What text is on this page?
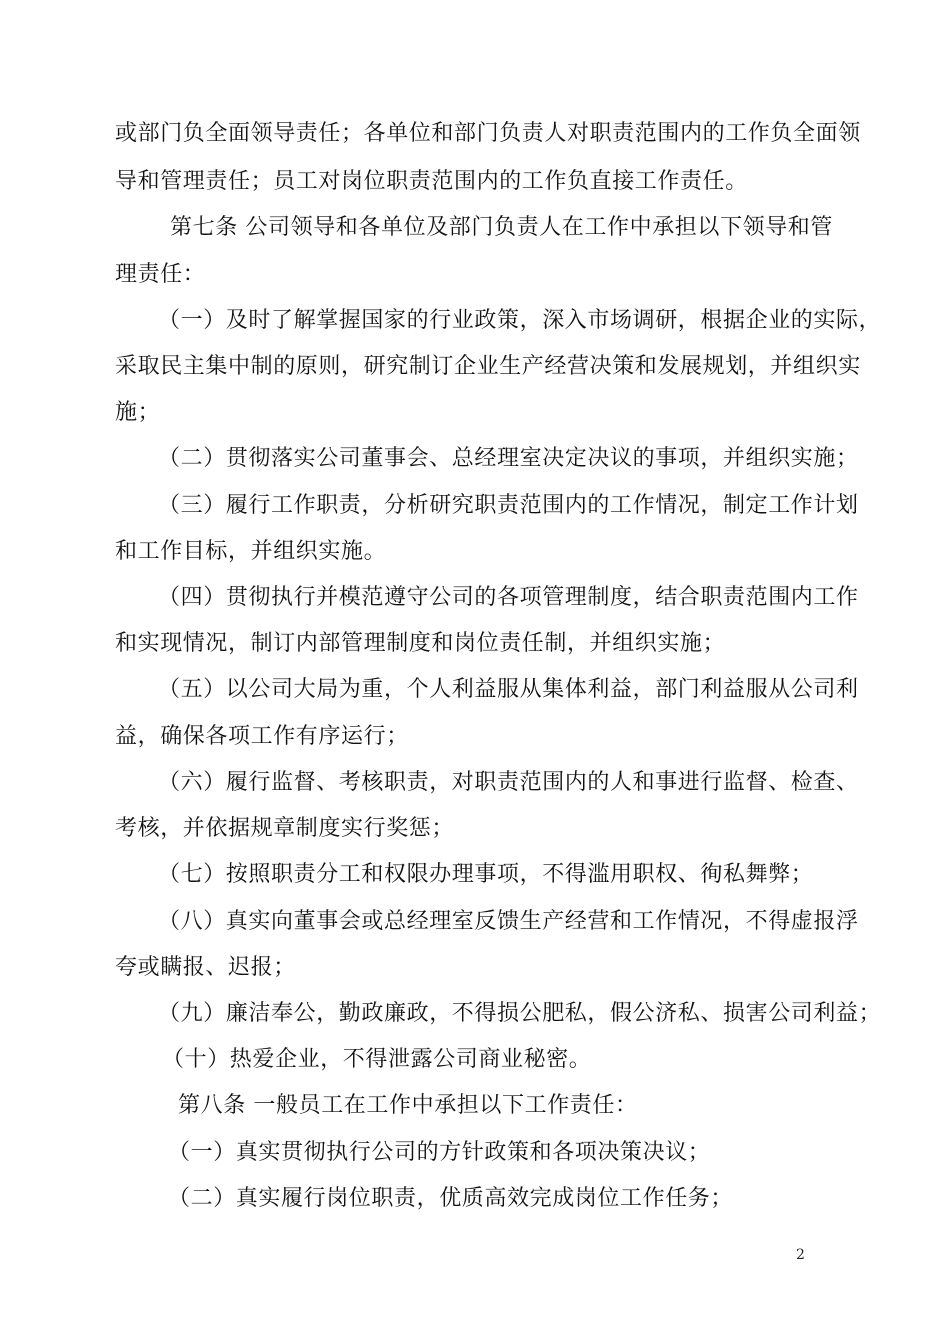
或部门负全面领导责任；各单位和部门负责人对职责范围内的工作负全面领
导和管理责任；员工对岗位职责范围内的工作负直接工作责任。
第七条 公司领导和各单位及部门负责人在工作中承担以下领导和管
理责任：
（一）及时了解掌握国家的行业政策，深入市场调研，根据企业的实际，
采取民主集中制的原则，研究制订企业生产经营决策和发展规划，并组织实
施；
（二）贯彻落实公司董事会、总经理室决定决议的事项，并组织实施；
（三）履行工作职责，分析研究职责范围内的工作情况，制定工作计划
和工作目标，并组织实施。
（四）贯彻执行并模范遵守公司的各项管理制度，结合职责范围内工作
和实现情况，制订内部管理制度和岗位责任制，并组织实施；
（五）以公司大局为重，个人利益服从集体利益，部门利益服从公司利
益，确保各项工作有序运行；
（六）履行监督、考核职责，对职责范围内的人和事进行监督、检查、
考核，并依据规章制度实行奖惩；
（七）按照职责分工和权限办理事项，不得滥用职权、徇私舞弊；
（八）真实向董事会或总经理室反馈生产经营和工作情况，不得虚报浮
夸或瞒报、迟报；
（九）廉洁奉公，勤政廉政，不得损公肥私，假公济私、损害公司利益；
（十）热爱企业，不得泄露公司商业秘密。
第八条 一般员工在工作中承担以下工作责任：
（一）真实贯彻执行公司的方针政策和各项决策决议；
（二）真实履行岗位职责，优质高效完成岗位工作任务；
2
